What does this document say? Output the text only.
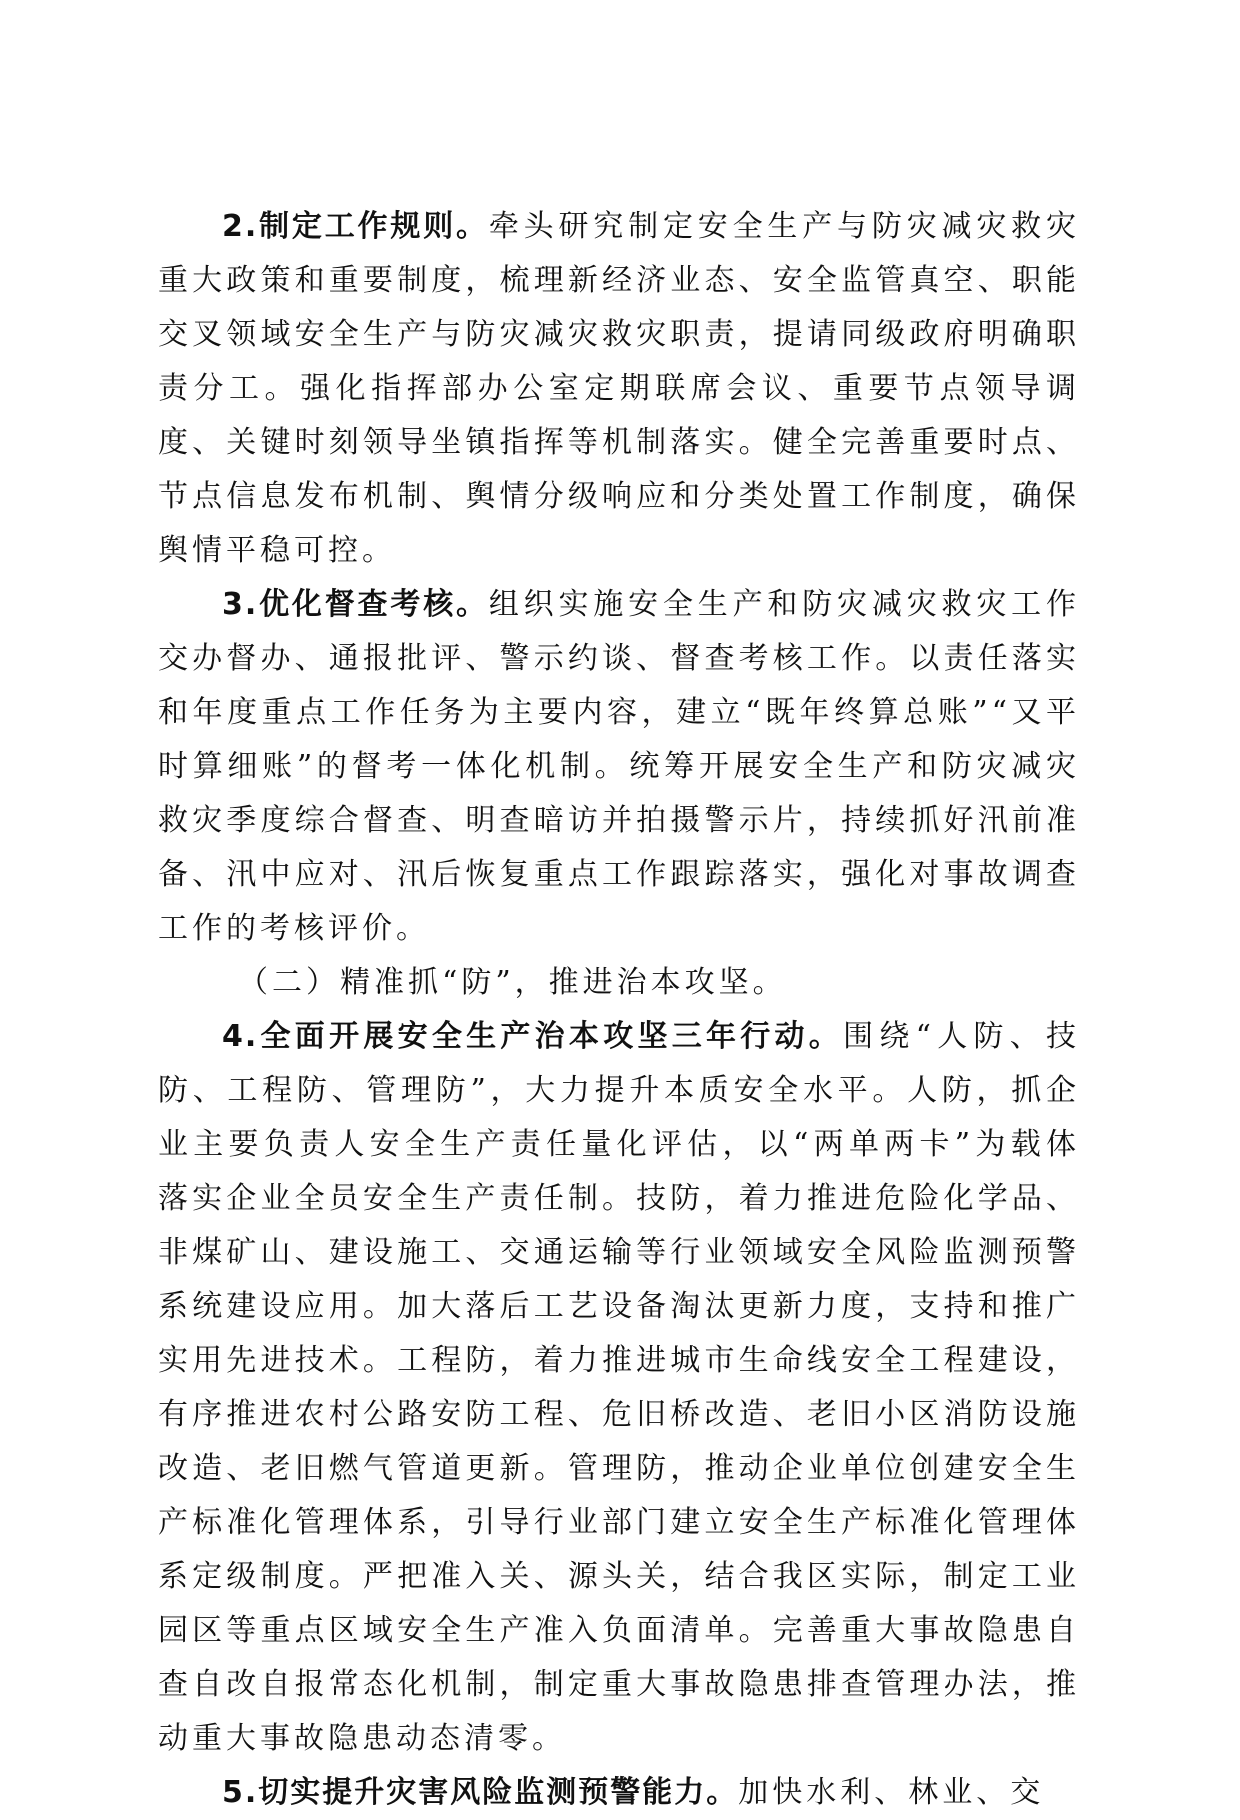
2.制定工作规则。牵头研究制定安全生产与防灾减灾救灾重大政策和重要制度，梳理新经济业态、安全监管真空、职能交叉领域安全生产与防灾减灾救灾职责，提请同级政府明确职责分工。强化指挥部办公室定期联席会议、重要节点领导调度、关键时刻领导坐镇指挥等机制落实。健全完善重要时点、节点信息发布机制、舆情分级响应和分类处置工作制度，确保舆情平稳可控。

3.优化督查考核。组织实施安全生产和防灾减灾救灾工作交办督办、通报批评、警示约谈、督查考核工作。以责任落实和年度重点工作任务为主要内容，建立“既年终算总账”“又平时算细账”的督考一体化机制。统筹开展安全生产和防灾减灾救灾季度综合督查、明查暗访并拍摄警示片，持续抓好汛前准备、汛中应对、汛后恢复重点工作跟踪落实，强化对事故调查工作的考核评价。

（二）精准抓“防”，推进治本攻坚。

4.全面开展安全生产治本攻坚三年行动。围绕“人防、技防、工程防、管理防”，大力提升本质安全水平。人防，抓企业主要负责人安全生产责任量化评估，以“两单两卡”为载体落实企业全员安全生产责任制。技防，着力推进危险化学品、非煤矿山、建设施工、交通运输等行业领域安全风险监测预警系统建设应用。加大落后工艺设备淘汰更新力度，支持和推广实用先进技术。工程防，着力推进城市生命线安全工程建设，有序推进农村公路安防工程、危旧桥改造、老旧小区消防设施改造、老旧燃气管道更新。管理防，推动企业单位创建安全生产标准化管理体系，引导行业部门建立安全生产标准化管理体系定级制度。严把准入关、源头关，结合我区实际，制定工业园区等重点区域安全生产准入负面清单。完善重大事故隐患自查自改自报常态化机制，制定重大事故隐患排查管理办法，推动重大事故隐患动态清零。

5.切实提升灾害风险监测预警能力。加快水利、林业、交
